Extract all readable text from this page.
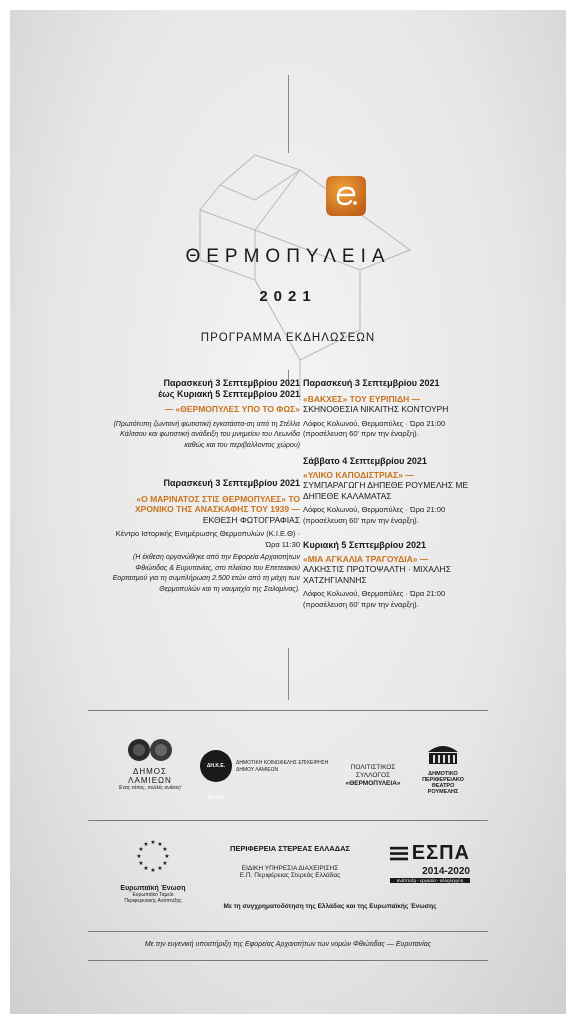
ΘΕΡΜΟΠΥΛΕΙΑ
2021
ΠΡΟΓΡΑΜΜΑ ΕΚΔΗΛΩΣΕΩΝ
Παρασκευή 3 Σεπτεμβρίου 2021
έως Κυριακή 5 Σεπτεμβρίου 2021
— «ΘΕΡΜΟΠΥΛΕΣ ΥΠΟ ΤΟ ΦΩΣ»
(Πρωτότυπη ζωντανή φωτιστική εγκατάστα-ση από τη Στέλλα Κάλτσου και φωτιστική ανάδειξη του μνημείου του Λεωνίδα καθώς και του περιβάλλοντος χώρου)
Παρασκευή 3 Σεπτεμβρίου 2021
«Ο ΜΑΡΙΝΑΤΟΣ ΣΤΙΣ ΘΕΡΜΟΠΥΛΕΣ» ΤΟ ΧΡΟΝΙΚΟ ΤΗΣ ΑΝΑΣΚΑΦΗΣ ΤΟΥ 1939 —
ΕΚΘΕΣΗ ΦΩΤΟΓΡΑΦΙΑΣ
Κέντρο Ιστορικής Ενημέρωσης Θερμοπυλών (Κ.Ι.Ε.Θ) · Ώρα 11:30
(Η έκθεση οργανώθηκε από την Εφορεία Αρχαιοτήτων Φθιώτιδας & Ευρυτανίας, στο πλαίσιο του Επετειακού Εορτασμού για τη συμπλήρωση 2.500 ετών από τη μάχη των Θερμοπυλών και τη ναυμαχία της Σαλαμίνας).
Παρασκευή 3 Σεπτεμβρίου 2021
«ΒΑΚΧΕΣ» ΤΟΥ ΕΥΡΙΠΙΔΗ —
ΣΚΗΝΟΘΕΣΙΑ ΝΙΚΑΙΤΗΣ ΚΟΝΤΟΥΡΗ
Λόφος Κολωνού, Θερμοπύλες · Ώρα 21:00 (προσέλευση 60' πριν την έναρξη).
Σάββατο 4 Σεπτεμβρίου 2021
«ΥΛΙΚΟ ΚΑΠΟΔΙΣΤΡΙΑΣ» —
ΣΥΜΠΑΡΑΓΩΓΗ ΔΗΠΕΘΕ ΡΟΥΜΕΛΗΣ ΜΕ ΔΗΠΕΘΕ ΚΑΛΑΜΑΤΑΣ
Λόφος Κολωνού, Θερμοπύλες · Ώρα 21:00 (προσέλευση 60' πριν την έναρξη).
Κυριακή 5 Σεπτεμβρίου 2021
«ΜΙΑ ΑΓΚΑΛΙΑ ΤΡΑΓΟΥΔΙΑ» —
ΑΛΚΗΣΤΙΣ ΠΡΩΤΟΨΑΛΤΗ · ΜΙΧΑΛΗΣ ΧΑΤΖΗΓΙΑΝΝΗΣ
Λόφος Κολωνού, Θερμοπύλες · Ώρα 21:00 (προσέλευση 60' πριν την έναρξη).
ΔΗΜΟΣ ΛΑΜΙΕΩΝ
Ένας τόπος, πολλές ανάσες!
ΔΗ.Κ.Ε. ΔΗ.ΛΑ.
ΔΗΜΟΤΙΚΗ ΚΟΙΝΩΦΕΛΗΣ ΕΠΙΧΕΙΡΗΣΗ ΔΗΜΟΥ ΛΑΜΙΕΩΝ	ΠΟΛΙΤΙΣΤΙΚΟΣ
ΣΥΛΛΟΓΟΣ
«ΘΕΡΜΟΠΥΛΕΙΑ»
ΔΗΜΟΤΙΚΟ
ΠΕΡΙΦΕΡΕΙΑΚΟ
ΘΕΑΤΡΟ
ΡΟΥΜΕΛΗΣ
★ ★
★
★
★
★
★
★
★
★
★
★
Ευρωπαϊκή Ένωση
Ευρωπαϊκό Ταμείο
Περιφερειακής Ανάπτυξης
ΠΕΡΙΦΕΡΕΙΑ ΣΤΕΡΕΑΣ ΕΛΛΑΔΑΣ
ΕΙΔΙΚΗ ΥΠΗΡΕΣΙΑ ΔΙΑΧΕΙΡΙΣΗΣ
Ε.Π. Περιφέρειας Στερεάς Ελλάδας
ΕΣΠΑ
2014-2020
ανάπτυξη - εργασία - αλληλεγγύη
Με τη συγχρηματοδότηση της Ελλάδας και της Ευρωπαϊκής Ένωσης
Με την ευγενική υποστήριξη της Εφορείας Αρχαιοτήτων των νομών Φθιώτιδας — Ευρυτανίας
